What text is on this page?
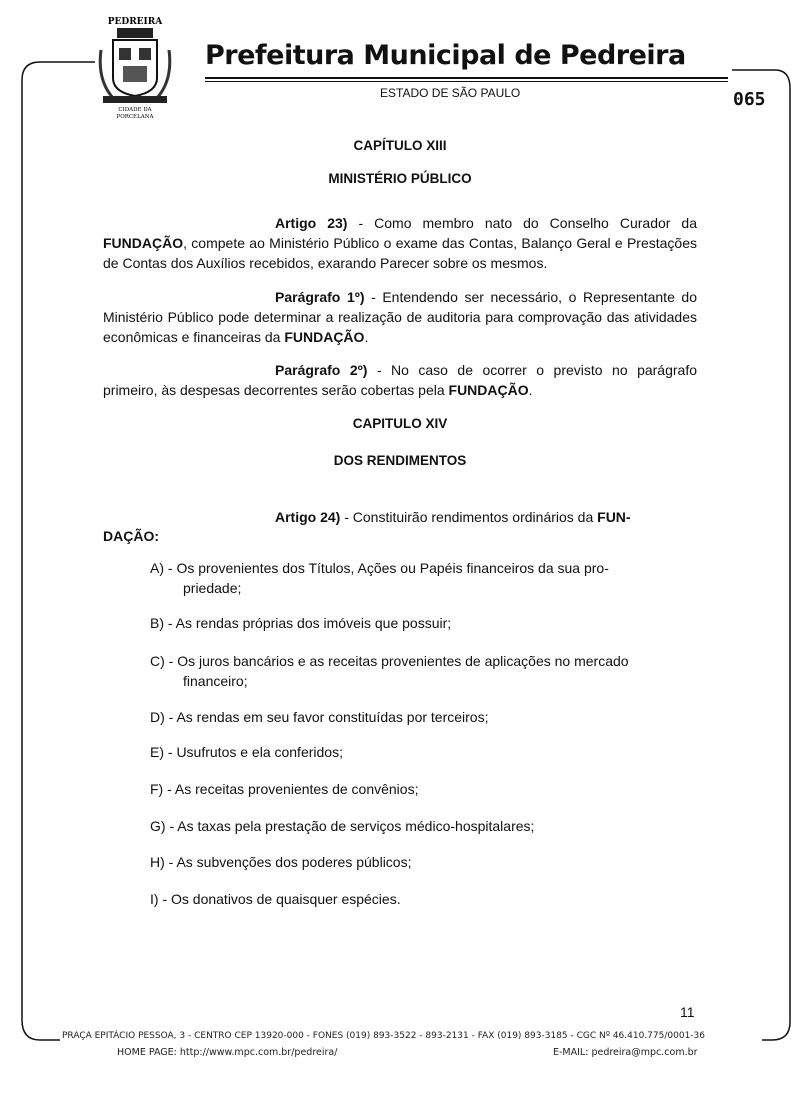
PEDREIRA
CIDADE DA
PORCELANA
Prefeitura Municipal de Pedreira
ESTADO DE SÃO PAULO	065
CAPÍTULO XIII
MINISTÉRIO PÚBLICO
Artigo 23) - Como membro nato do Conselho Curador da FUNDAÇÃO, compete ao Ministério Público o exame das Contas, Balanço Geral e Prestações de Contas dos Auxílios recebidos, exarando Parecer sobre os mesmos.
Parágrafo 1º) - Entendendo ser necessário, o Representante do Ministério Público pode determinar a realização de auditoria para comprovação das atividades econômicas e financeiras da FUNDAÇÃO.
Parágrafo 2º) - No caso de ocorrer o previsto no parágrafo primeiro, às despesas decorrentes serão cobertas pela FUNDAÇÃO.
CAPITULO XIV
DOS RENDIMENTOS
Artigo 24) - Constituirão rendimentos ordinários da FUN-
DAÇÃO:
A) - Os provenientes dos Títulos, Ações ou Papéis financeiros da sua pro-
priedade;
B) - As rendas próprias dos imóveis que possuir;
C) - Os juros bancários e as receitas provenientes de aplicações no mercado
financeiro;
D) - As rendas em seu favor constituídas por terceiros;
E) - Usufrutos e ela conferidos;
F) - As receitas provenientes de convênios;
G) - As taxas pela prestação de serviços médico-hospitalares;
H) - As subvenções dos poderes públicos;
I) - Os donativos de quaisquer espécies.
11
PRAÇA EPITÁCIO PESSOA, 3 - CENTRO CEP 13920-000 - FONES (019) 893-3522 - 893-2131 - FAX (019) 893-3185 - CGC Nº 46.410.775/0001-36
HOME PAGE: http://www.mpc.com.br/pedreira/	E-MAIL: pedreira@mpc.com.br
